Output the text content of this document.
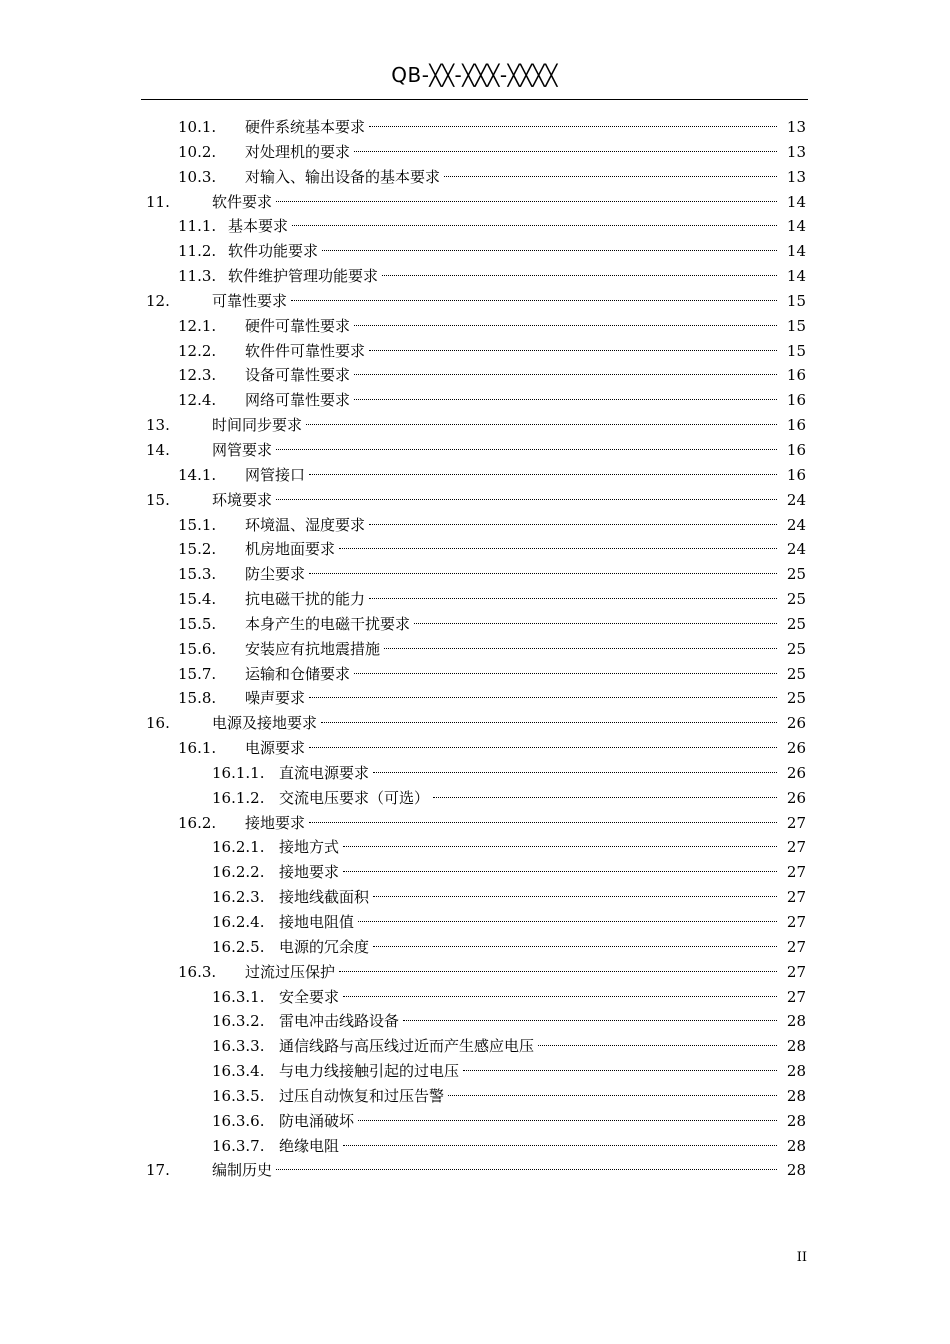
QB-╳╳-╳╳╳-╳╳╳╳
10.1. 硬件系统基本要求	13
10.2. 对处理机的要求	13
10.3. 对输入、输出设备的基本要求	13
11.	软件要求	14
11.1. 基本要求	14
11.2. 软件功能要求	14
11.3. 软件维护管理功能要求	14
12.	可靠性要求	15
12.1. 硬件可靠性要求	15
12.2. 软件件可靠性要求	15
12.3. 设备可靠性要求	16
12.4. 网络可靠性要求	16
13.	时间同步要求	16
14.	网管要求	16
14.1. 网管接口	16
15.	环境要求	24
15.1. 环境温、湿度要求	24
15.2. 机房地面要求	24
15.3. 防尘要求	25
15.4. 抗电磁干扰的能力	25
15.5. 本身产生的电磁干扰要求	25
15.6. 安装应有抗地震措施	25
15.7. 运输和仓储要求	25
15.8. 噪声要求	25
16.	电源及接地要求	26
16.1. 电源要求	26
16.1.1. 直流电源要求	26
16.1.2. 交流电压要求（可选）	26
16.2. 接地要求	27
16.2.1. 接地方式	27
16.2.2. 接地要求	27
16.2.3. 接地线截面积	27
16.2.4. 接地电阻值	27
16.2.5. 电源的冗余度	27
16.3. 过流过压保护	27
16.3.1. 安全要求	27
16.3.2. 雷电冲击线路设备	28
16.3.3. 通信线路与高压线过近而产生感应电压	28
16.3.4. 与电力线接触引起的过电压	28
16.3.5. 过压自动恢复和过压告警	28
16.3.6. 防电涌破坏	28
16.3.7. 绝缘电阻	28
17.	编制历史	28
II
